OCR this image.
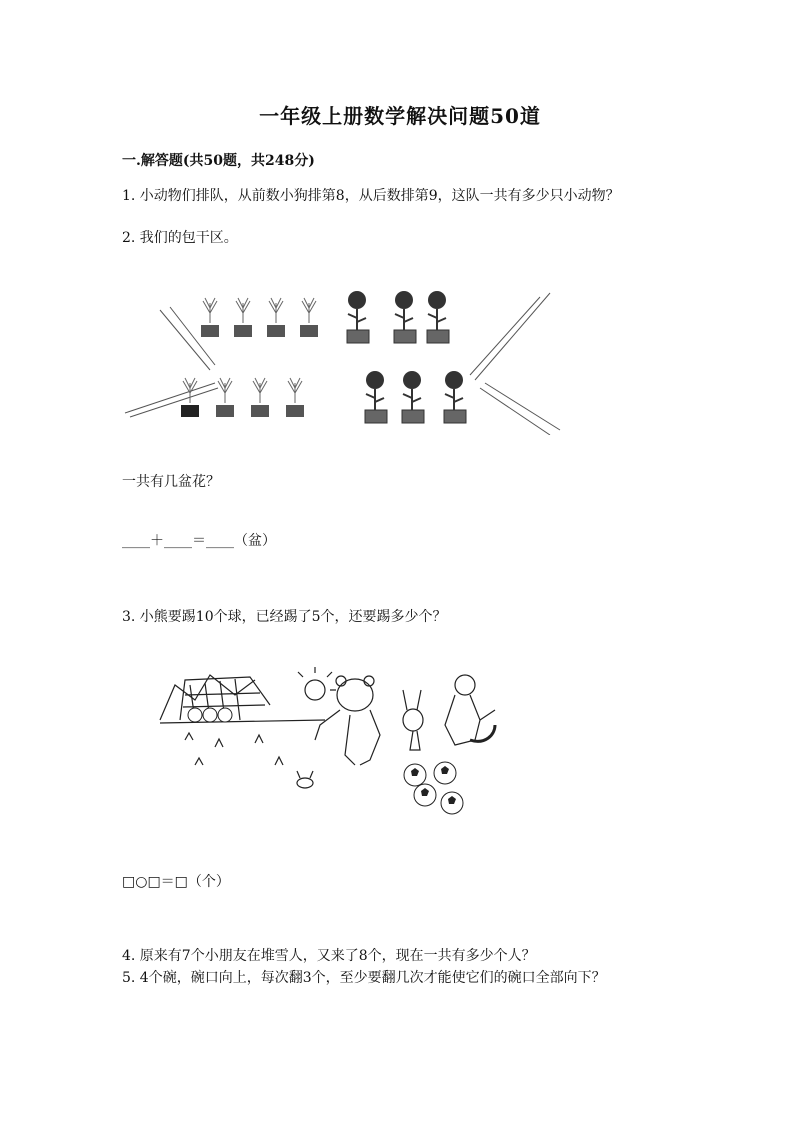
一年级上册数学解决问题50道
一.解答题(共50题，共248分)
1. 小动物们排队，从前数小狗排第8，从后数排第9，这队一共有多少只小动物？
2. 我们的包干区。
一共有几盆花？
____＋____＝____（盆）
3. 小熊要踢10个球，已经踢了5个，还要踢多少个？
□○□＝□（个）
4. 原来有7个小朋友在堆雪人，又来了8个，现在一共有多少个人？
5. 4个碗，碗口向上，每次翻3个，至少要翻几次才能使它们的碗口全部向下？
